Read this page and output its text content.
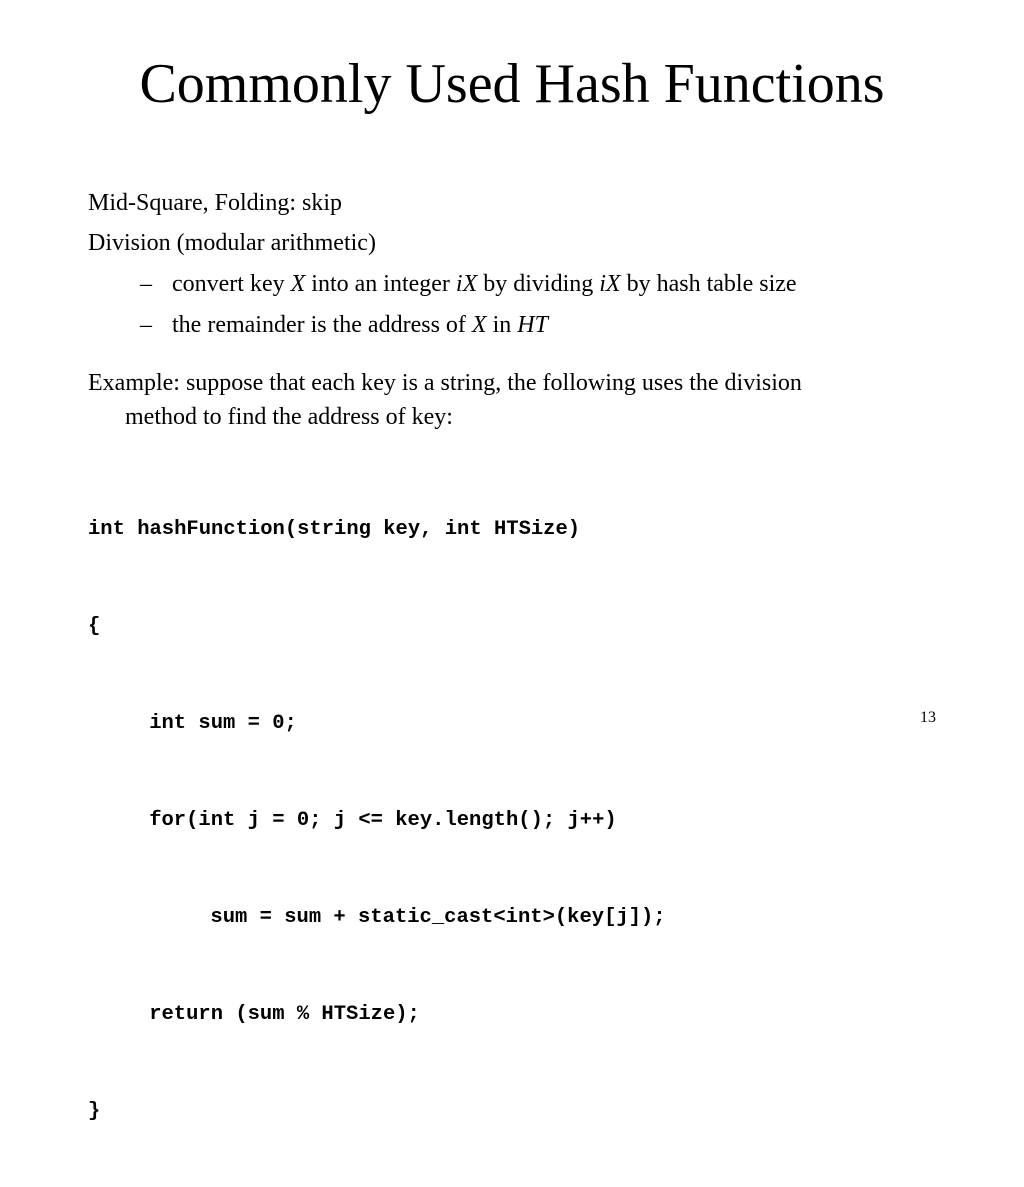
Commonly Used Hash Functions
Mid-Square, Folding: skip
Division (modular arithmetic)
– convert key X into an integer iX by dividing iX by hash table size
– the remainder is the address of X in HT
Example: suppose that each key is a string, the following uses the division
method to find the address of key:

int hashFunction(string key, int HTSize)

{

int sum = 0;

for(int j = 0; j <= key.length(); j++)

sum = sum + static_cast<int>(key[j]);

return (sum % HTSize);

}

13
